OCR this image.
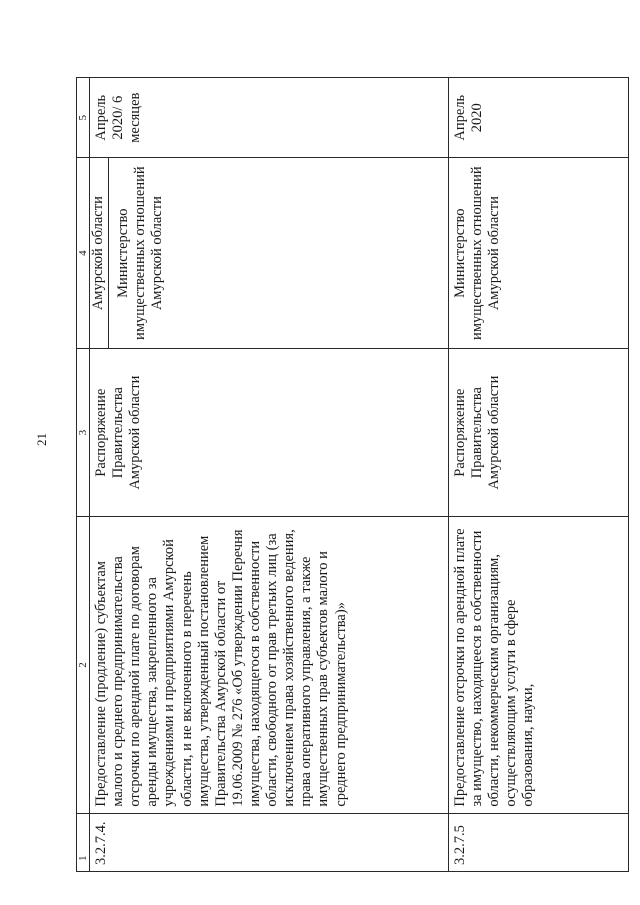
21
1	2	3	4	5
3.2.7.4.	Предоставление (продление) субъектам малого и среднего предпринимательства отсрочки по арендной плате по договорам аренды имущества, закрепленного за учреждениями и предприятиями Амурской области, и не включенного в перечень имущества, утвержденный постановлением Правительства Амурской области от 19.06.2009 № 276 «Об утверждении Перечня имущества, находящегося в собственности области, свободного от прав третьих лиц (за исключением права хозяйственного ведения, права оперативного управления, а также имущественных прав субъектов малого и среднего предпринимательства)»	Распоряжение Правительства Амурской области	Амурской области Министерство имущественных отношений Амурской области	Апрель 2020/ 6 месяцев
3.2.7.5	Предоставление отсрочки по арендной плате за имущество, находящееся в собственности области, некоммерческим организациям, осуществляющим услуги в сфере образования, науки,	Распоряжение Правительства Амурской области	Министерство имущественных отношений Амурской области	Апрель 2020
